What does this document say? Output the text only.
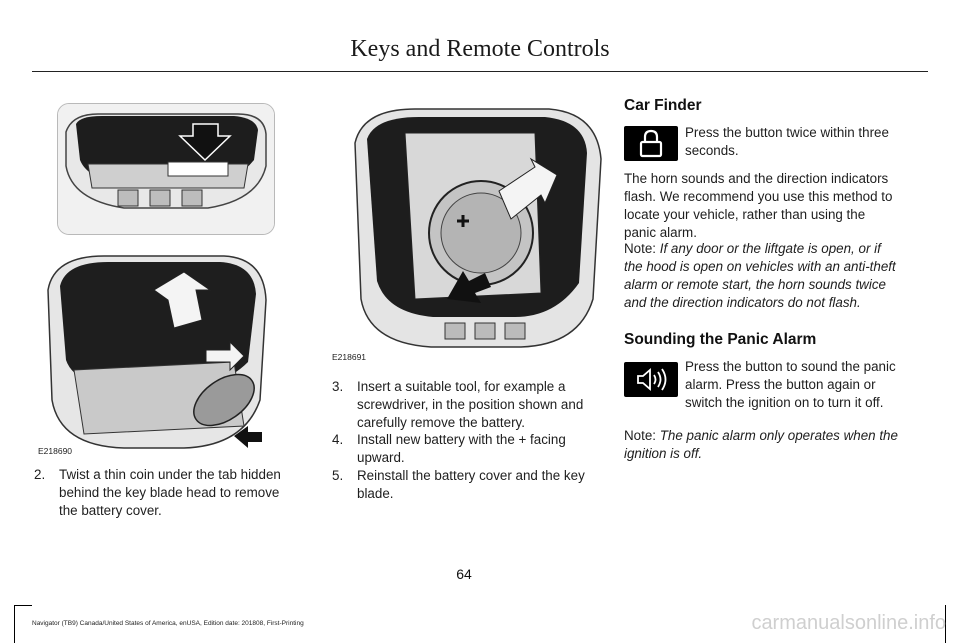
Keys and Remote Controls
E218690
E218691
2. Twist a thin coin under the tab hidden behind the key blade head to remove the battery cover.
3. Insert a suitable tool, for example a screwdriver, in the position shown and carefully remove the battery.
4. Install new battery with the + facing upward.
5. Reinstall the battery cover and the key blade.
Car Finder
Press the button twice within three seconds.
The horn sounds and the direction indicators flash. We recommend you use this method to locate your vehicle, rather than using the panic alarm.
Note: If any door or the liftgate is open, or if the hood is open on vehicles with an anti-theft alarm or remote start, the horn sounds twice and the direction indicators do not flash.
Sounding the Panic Alarm
Press the button to sound the panic alarm. Press the button again or switch the ignition on to turn it off.
Note: The panic alarm only operates when the ignition is off.
64
Navigator (TB9) Canada/United States of America, enUSA, Edition date: 201808, First-Printing	carmanualsonline.info
